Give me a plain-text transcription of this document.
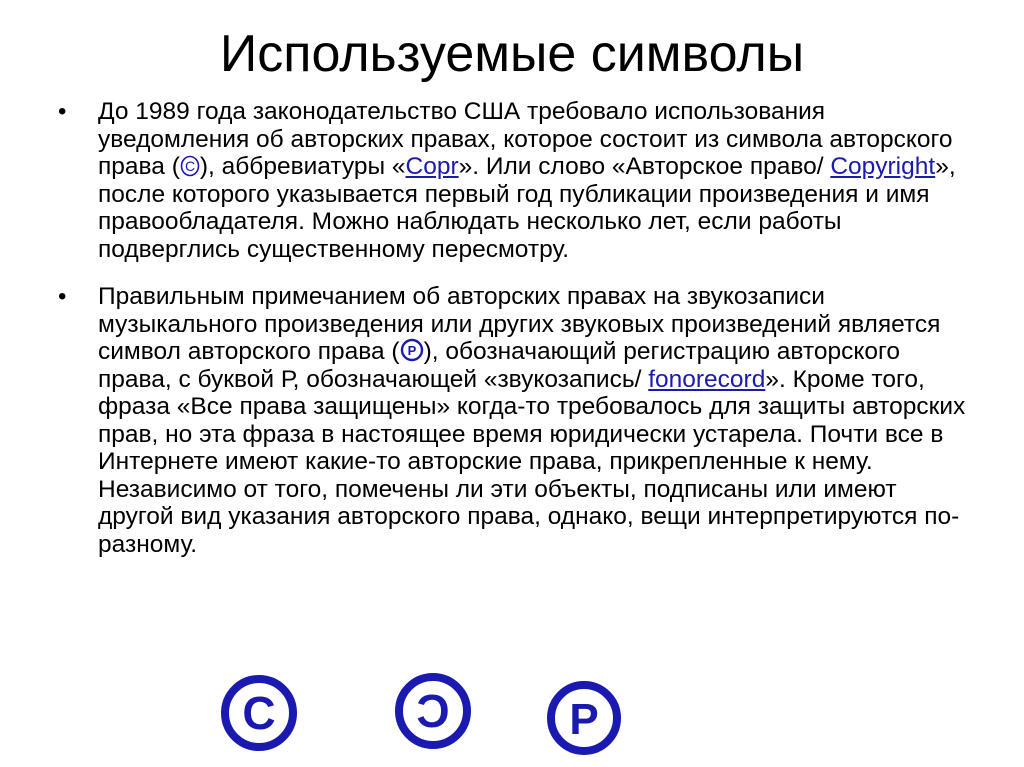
Используемые символы
• До 1989 года законодательство США требовало использования уведомления об авторских правах, которое состоит из символа авторского права ( C ), аббревиатуры «Copr». Или слово «Авторское право/ Copyright», после которого указывается первый год публикации произведения и имя правообладателя. Можно наблюдать несколько лет, если работы подверглись существенному пересмотру.
• Правильным примечанием об авторских правах на звукозаписи музыкального произведения или других звуковых произведений является символ авторского права ( P ), обозначающий регистрацию авторского права, с буквой Р, обозначающей «звукозапись/ fonorecord». Кроме того, фраза «Все права защищены» когда-то требовалось для защиты авторских прав, но эта фраза в настоящее время юридически устарела. Почти все в Интернете имеют какие-то авторские права, прикрепленные к нему. Независимо от того, помечены ли эти объекты, подписаны или имеют другой вид указания авторского права, однако, вещи интерпретируются по-разному.
C	C	P
